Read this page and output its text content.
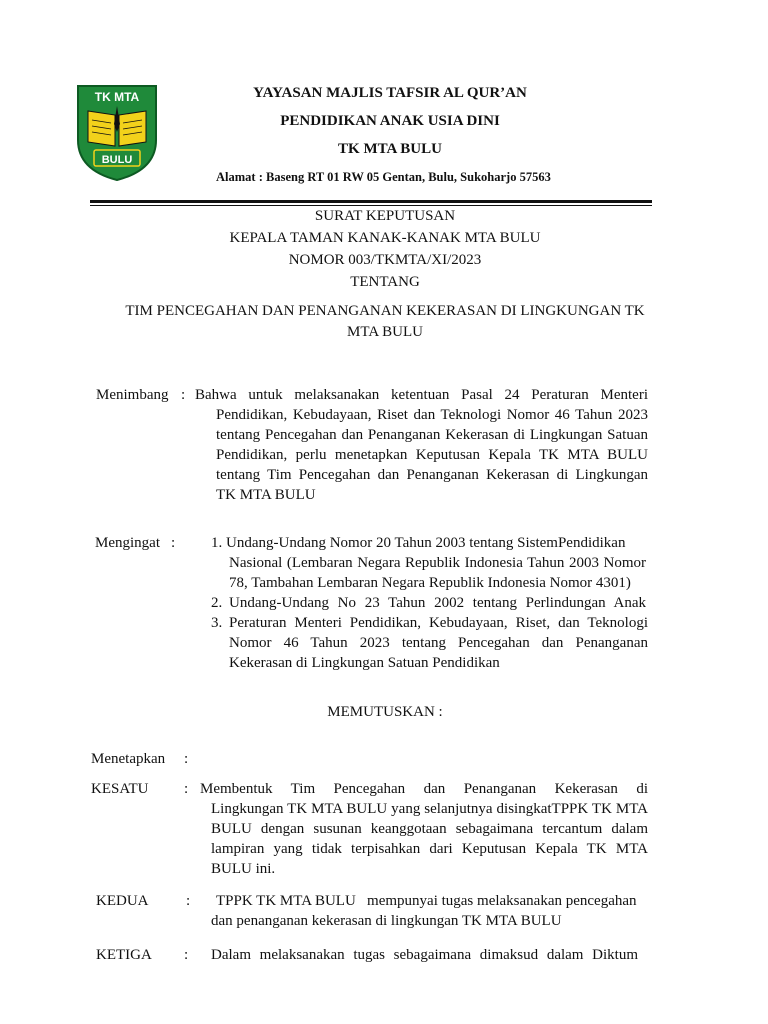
TK MTA
BULU
YAYASAN MAJLIS TAFSIR AL QUR’AN
PENDIDIKAN ANAK USIA DINI
TK MTA BULU
Alamat : Baseng RT 01 RW 05 Gentan, Bulu, Sukoharjo 57563
SURAT KEPUTUSAN
KEPALA TAMAN KANAK-KANAK MTA BULU
NOMOR 003/TKMTA/XI/2023
TENTANG
TIM PENCEGAHAN DAN PENANGANAN KEKERASAN DI LINGKUNGAN TK
MTA BULU
Menimbang : Bahwa untuk melaksanakan ketentuan Pasal 24 Peraturan Menteri
Pendidikan, Kebudayaan, Riset dan Teknologi Nomor 46 Tahun 2023
tentang Pencegahan dan Penanganan Kekerasan di Lingkungan Satuan
Pendidikan, perlu menetapkan Keputusan Kepala TK MTA BULU
tentang Tim Pencegahan dan Penanganan Kekerasan di Lingkungan
TK MTA BULU
Mengingat : 1. Undang-Undang Nomor 20 Tahun 2003 tentang SistemPendidikan
Nasional (Lembaran Negara Republik Indonesia Tahun 2003 Nomor
78, Tambahan Lembaran Negara Republik Indonesia Nomor 4301)
2. Undang-Undang No 23 Tahun 2002 tentang Perlindungan Anak
3. Peraturan Menteri Pendidikan, Kebudayaan, Riset, dan Teknologi
Nomor 46 Tahun 2023 tentang Pencegahan dan Penanganan
Kekerasan di Lingkungan Satuan Pendidikan
MEMUTUSKAN :
Menetapkan :
KESATU : Membentuk Tim Pencegahan dan Penanganan Kekerasan di
Lingkungan TK MTA BULU yang selanjutnya disingkatTPPK TK MTA
BULU dengan susunan keanggotaan sebagaimana tercantum dalam
lampiran yang tidak terpisahkan dari Keputusan Kepala TK MTA
BULU ini.
KEDUA	: TPPK TK MTA BULU   mempunyai tugas melaksanakan pencegahan
dan penanganan kekerasan di lingkungan TK MTA BULU
KETIGA : Dalam melaksanakan tugas sebagaimana dimaksud dalam Diktum
